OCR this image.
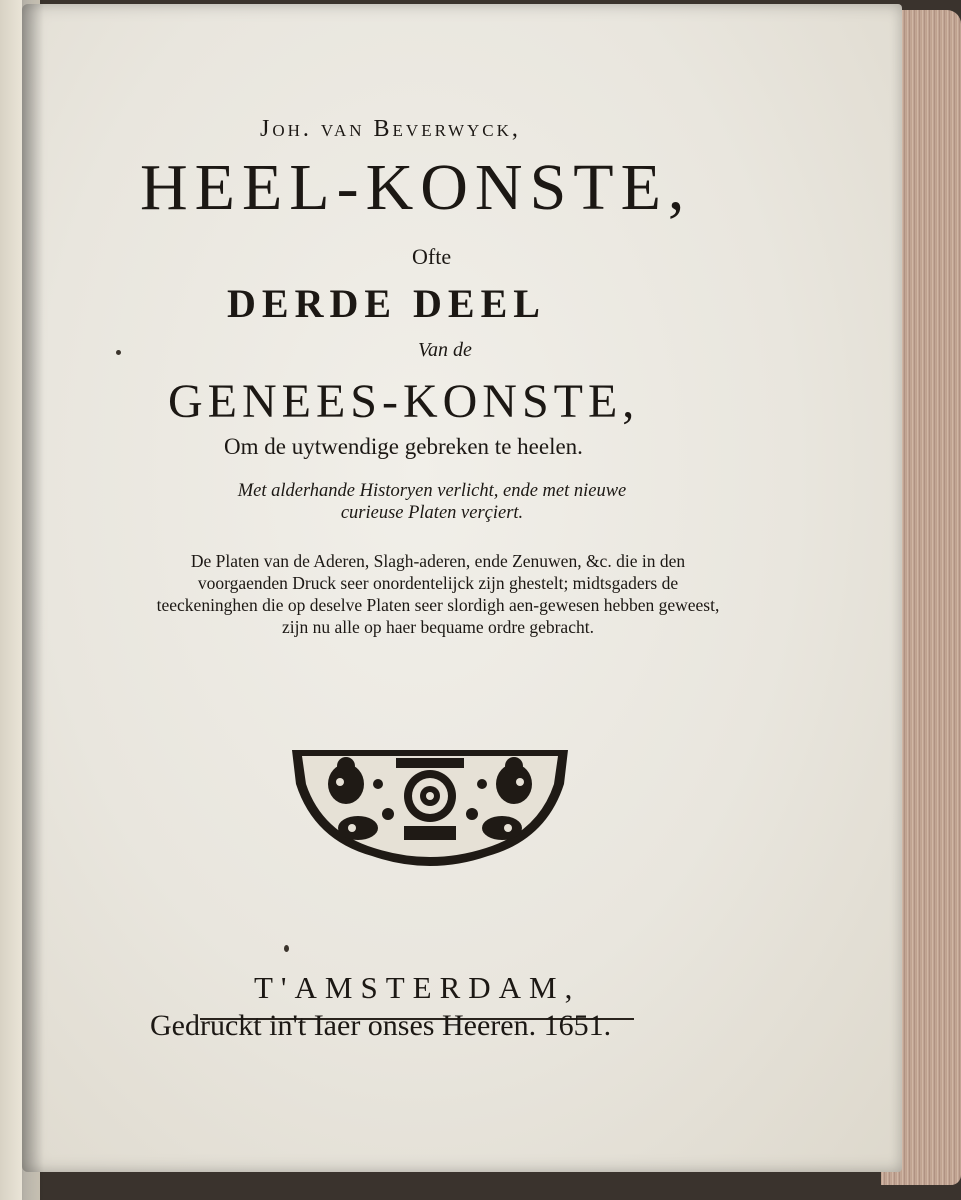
Joh. van Beverwyck,
HEEL-KONSTE,
Ofte
DERDE DEEL
Van de
GENEES-KONSTE,
Om de uytwendige gebreken te heelen.
Met alderhande Historyen verlicht, ende met nieuwe curieuse Platen verçiert.
De Platen van de Aderen, Slagh-aderen, ende Zenuwen, &c. die in den voorgaenden Druck seer onordentelijck zijn ghestelt; midtsgaders de teeckeninghen die op deselve Platen seer slordigh aen-gewesen hebben geweest, zijn nu alle op haer bequame ordre gebracht.
T'AMSTERDAM,
Gedruckt in't Iaer onses Heeren. 1651.
